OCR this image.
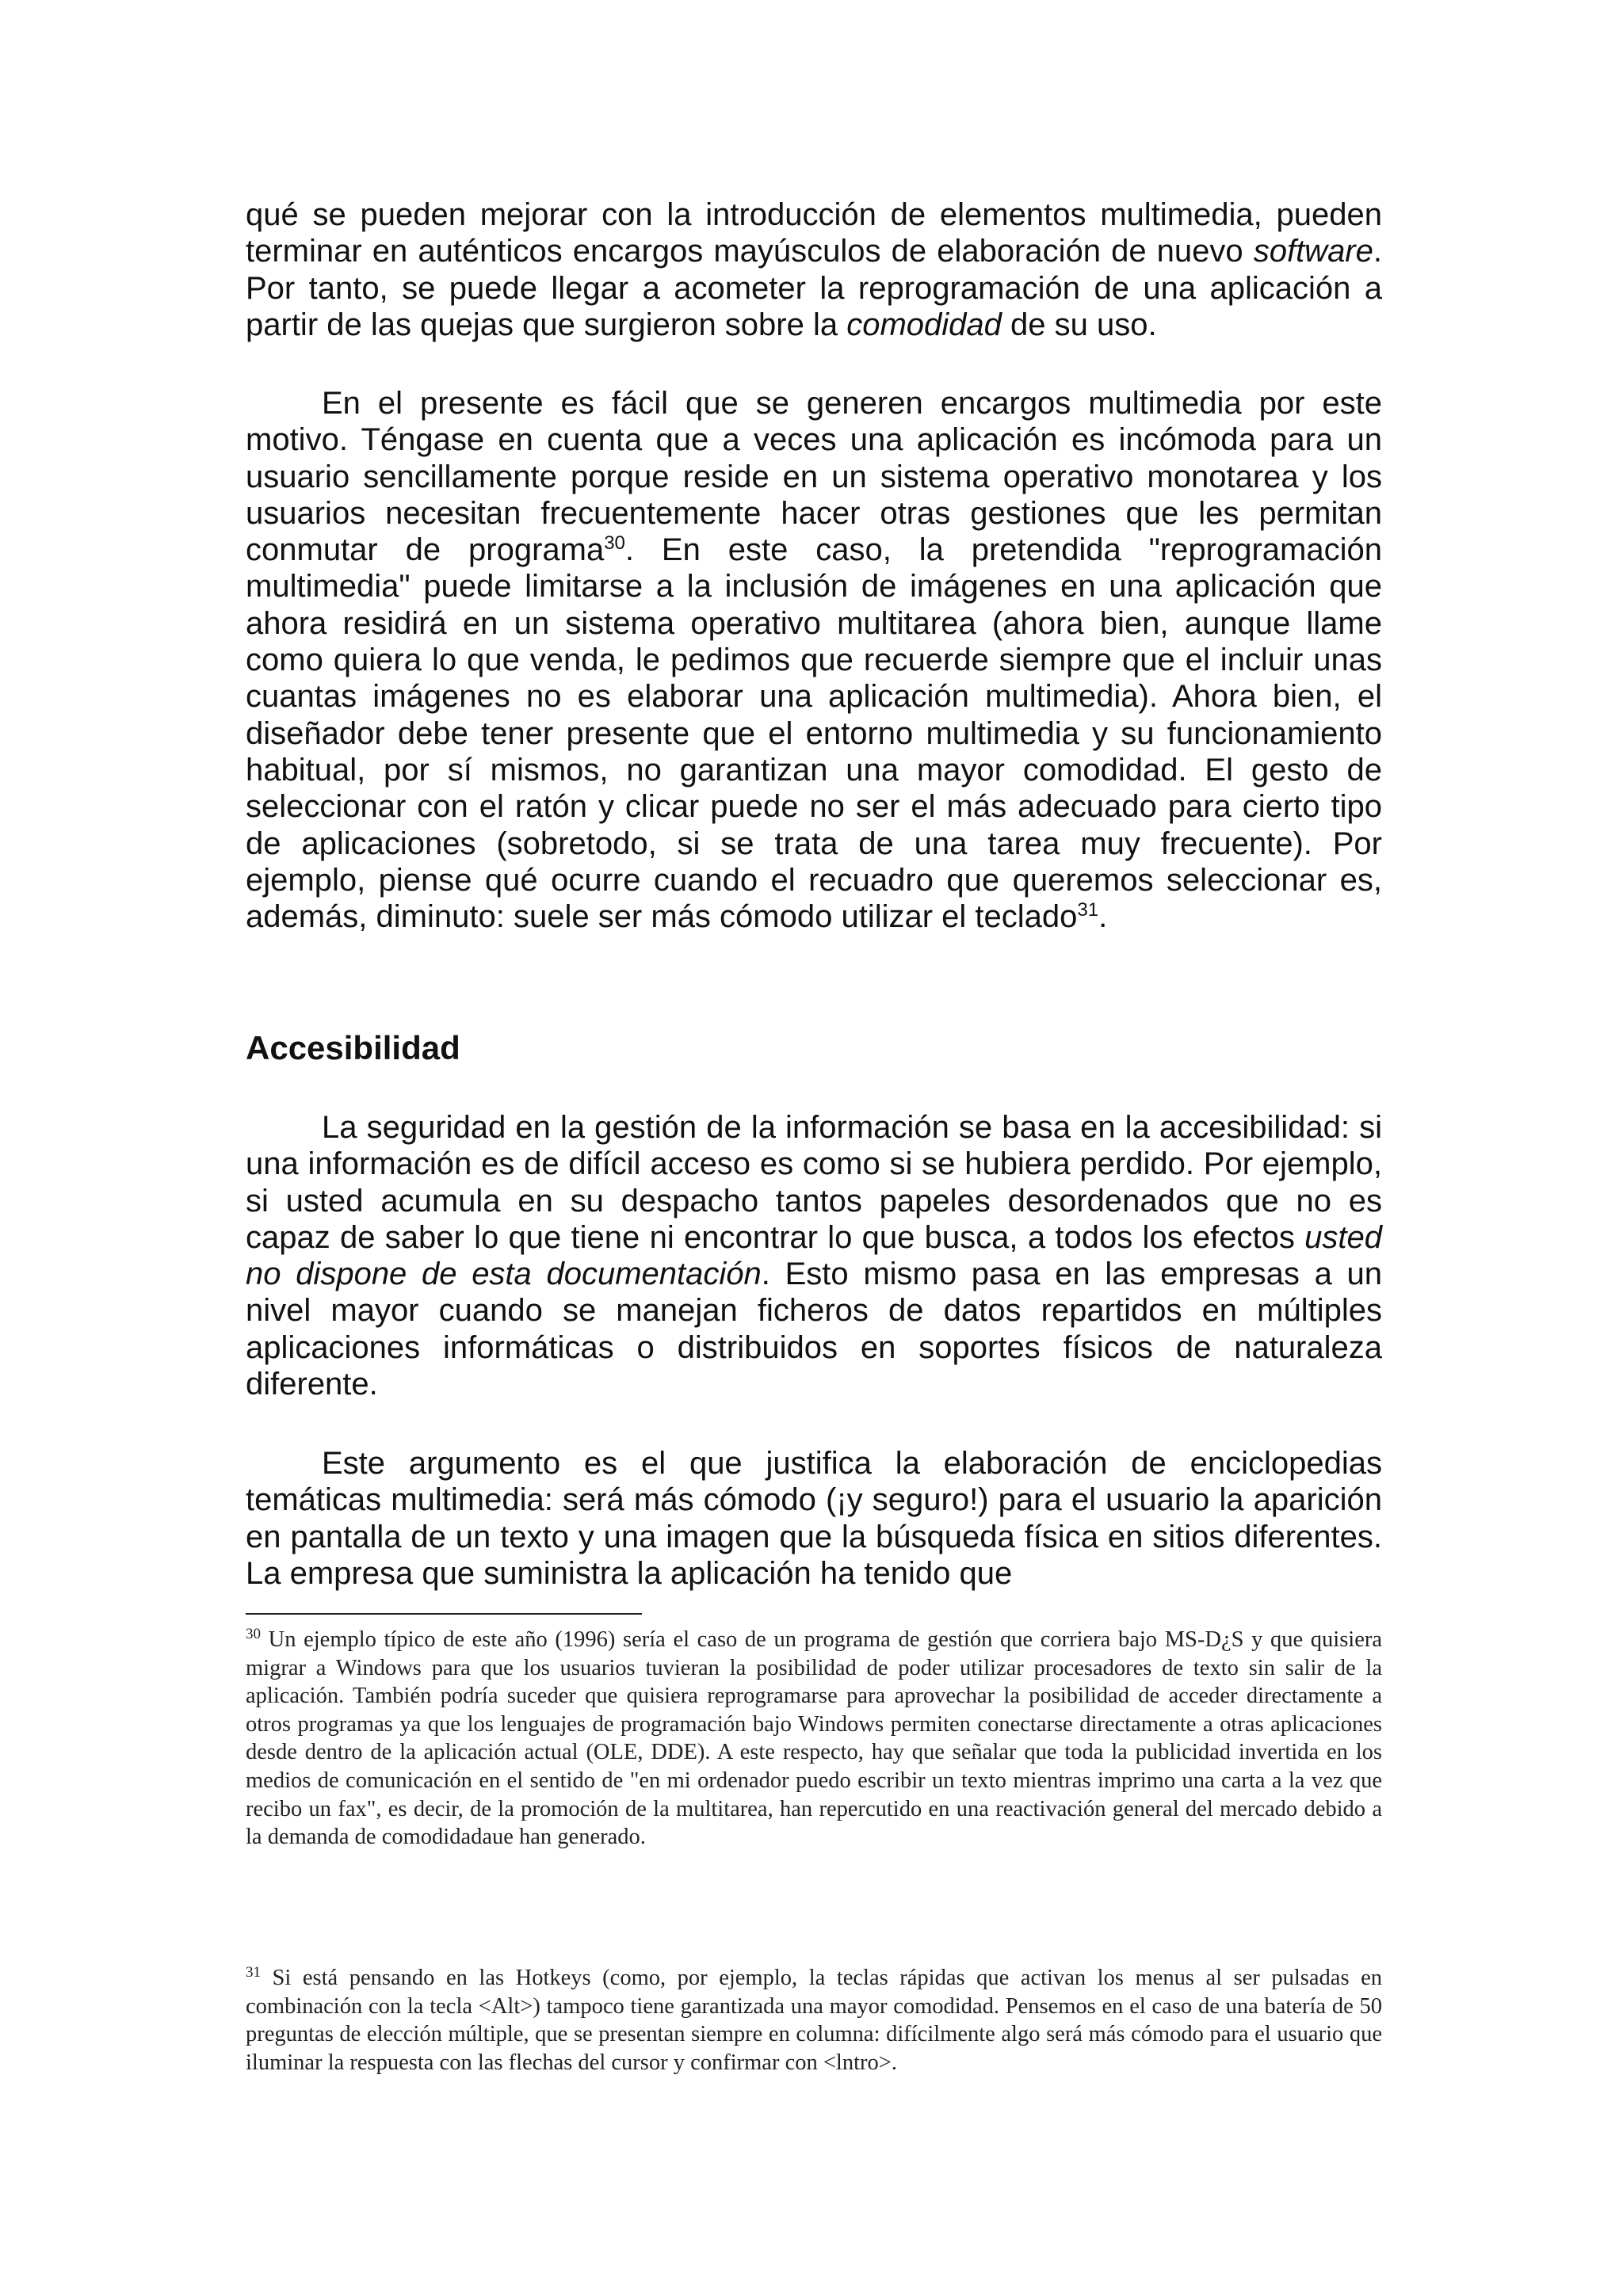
qué se pueden mejorar con la introducción de elementos multimedia, pueden terminar en auténticos encargos mayúsculos de elaboración de nuevo software. Por tanto, se puede llegar a acometer la reprogramación de una aplicación a partir de las quejas que surgieron sobre la comodidad de su uso.

En el presente es fácil que se generen encargos multimedia por este motivo. Téngase en cuenta que a veces una aplicación es incómoda para un usuario sencillamente porque reside en un sistema operativo monotarea y los usuarios necesitan frecuentemente hacer otras gestiones que les permitan conmutar de programa$^{30}$. En este caso, la pretendida "reprogramación multimedia" puede limitarse a la inclusión de imágenes en una aplicación que ahora residirá en un sistema operativo multitarea (ahora bien, aunque llame como quiera lo que venda, le pedimos que recuerde siempre que el incluir unas cuantas imágenes no es elaborar una aplicación multimedia). Ahora bien, el diseñador debe tener presente que el entorno multimedia y su funcionamiento habitual, por sí mismos, no garantizan una mayor comodidad. El gesto de seleccionar con el ratón y clicar puede no ser el más adecuado para cierto tipo de aplicaciones (sobretodo, si se trata de una tarea muy frecuente). Por ejemplo, piense qué ocurre cuando el recuadro que queremos seleccionar es, además, diminuto: suele ser más cómodo utilizar el teclado$^{31}$.

Accesibilidad

La seguridad en la gestión de la información se basa en la accesibilidad: si una información es de difícil acceso es como si se hubiera perdido. Por ejemplo, si usted acumula en su despacho tantos papeles desordenados que no es capaz de saber lo que tiene ni encontrar lo que busca, a todos los efectos usted no dispone de esta documentación. Esto mismo pasa en las empresas a un nivel mayor cuando se manejan ficheros de datos repartidos en múltiples aplicaciones informáticas o distribuidos en soportes físicos de naturaleza diferente.

Este argumento es el que justifica la elaboración de enciclopedias temáticas multimedia: será más cómodo (¡y seguro!) para el usuario la aparición en pantalla de un texto y una imagen que la búsqueda física en sitios diferentes. La empresa que suministra la aplicación ha tenido que

$^{30}$ Un ejemplo típico de este año (1996) sería el caso de un programa de gestión que corriera bajo MS-D¿S y que quisiera migrar a Windows para que los usuarios tuvieran la posibilidad de poder utilizar procesadores de texto sin salir de la aplicación. También podría suceder que quisiera reprogramarse para aprovechar la posibilidad de acceder directamente a otros programas ya que los lenguajes de programación bajo Windows permiten conectarse directamente a otras aplicaciones desde dentro de la aplicación actual (OLE, DDE). A este respecto, hay que señalar que toda la publicidad invertida en los medios de comunicación en el sentido de "en mi ordenador puedo escribir un texto mientras imprimo una carta a la vez que recibo un fax", es decir, de la promoción de la multitarea, han repercutido en una reactivación general del mercado debido a la demanda de comodidadaue han generado.

$^{31}$ Si está pensando en las Hotkeys (como, por ejemplo, la teclas rápidas que activan los menus al ser pulsadas en combinación con la tecla <Alt>) tampoco tiene garantizada una mayor comodidad. Pensemos en el caso de una batería de 50 preguntas de elección múltiple, que se presentan siempre en columna: difícilmente algo será más cómodo para el usuario que iluminar la respuesta con las flechas del cursor y confirmar con <lntro>.
